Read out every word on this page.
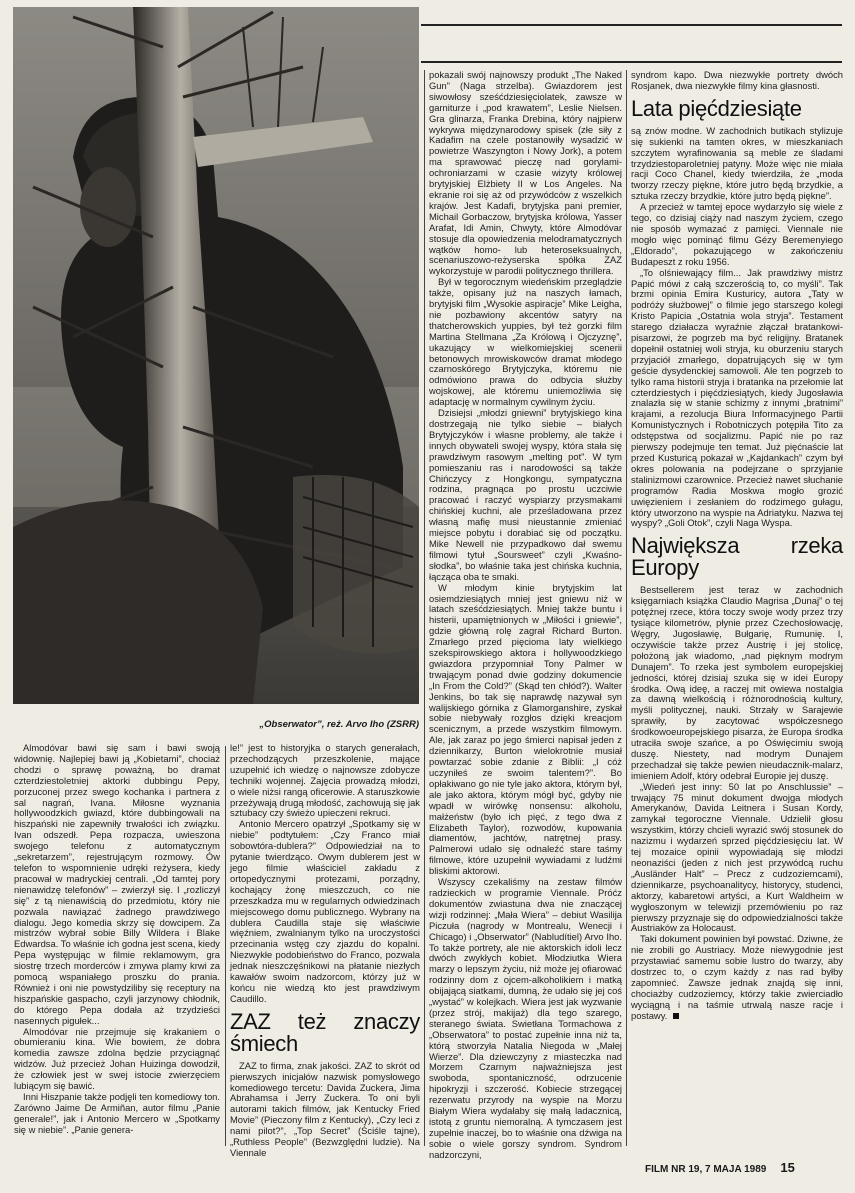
„Obserwator”, reż. Arvo Iho (ZSRR)

Almodóvar bawi się sam i bawi swoją widownię. Najlepiej bawi ją „Kobietami”, chociaż chodzi o sprawę poważną, bo dramat czterdziestoletniej aktorki dubbingu Pepy, porzuconej przez swego kochanka i partnera z sal nagrań, Ivana. Miłosne wyznania hollywoodzkich gwiazd, które dubbingowali na hiszpański nie zapewniły trwałości ich związku. Ivan odszedł. Pepa rozpacza, uwieszona swojego telefonu z automatycznym „sekretarzem”, rejestrującym rozmowy. Ów telefon to wspomnienie udręki reżysera, kiedy pracował w madryckiej centrali. „Od tamtej pory nienawidzę telefonów” – zwierzył się. I „rozliczył się” z tą nienawiścią do przedmiotu, który nie pozwala nawiązać żadnego prawdziwego dialogu. Jego komedia skrzy się dowcipem. Za mistrzów wybrał sobie Billy Wildera i Blake Edwardsa. To właśnie ich godna jest scena, kiedy Pepa występując w filmie reklamowym, gra siostrę trzech morderców i zmywa plamy krwi za pomocą wspaniałego proszku do prania. Również i oni nie powstydziliby się receptury na hiszpańskie gaspacho, czyli jarzynowy chłodnik, do którego Pepa dodała aż trzydzieści nasennych pigułek...

Almodóvar nie przejmuje się krakaniem o obumieraniu kina. Wie bowiem, że dobra komedia zawsze zdolna będzie przyciągnąć widzów. Już przecież Johan Huizinga dowodził, że człowiek jest w swej istocie zwierzęciem lubiącym się bawić.

Inni Hiszpanie także podjęli ten komediowy ton. Zarówno Jaime De Armiñan, autor filmu „Panie generale!”, jak i Antonio Mercero w „Spotkamy się w niebie”. „Panie genera-

le!” jest to historyjka o starych generałach, przechodzących przeszkolenie, mające uzupełnić ich wiedzę o najnowsze zdobycze techniki wojennej. Zajęcia prowadzą młodzi, o wiele niżsi rangą oficerowie. A staruszkowie przeżywają drugą młodość, zachowują się jak sztubacy czy świeżo upieczeni rekruci.

Antonio Mercero opatrzył „Spotkamy się w niebie” podtytułem: „Czy Franco miał sobowtóra-dublera?” Odpowiedział na to pytanie twierdząco. Owym dublerem jest w jego filmie właściciel zakładu z ortopedycznymi protezami, porządny, kochający żonę mieszczuch, co nie przeszkadza mu w regularnych odwiedzinach miejscowego domu publicznego. Wybrany na dublera Caudilla staje się właściwie więźniem, zwalnianym tylko na uroczystości przecinania wstęg czy zjazdu do kopalni. Niezwykłe podobieństwo do Franco, pozwala jednak nieszczęśnikowi na płatanie niezłych kawałów swoim nadzorcom, którzy już w końcu nie wiedzą kto jest prawdziwym Caudillo.

ZAZ też znaczy śmiech

ZAZ to firma, znak jakości. ZAZ to skrót od pierwszych inicjałów nazwisk pomysłowego komediowego tercetu: Davida Zuckera, Jima Abrahamsa i Jerry Zuckera. To oni byli autorami takich filmów, jak Kentucky Fried Movie” (Pieczony film z Kentucky), „Czy leci z nami pilot?”, „Top Secret” (Ściśle tajne), „Ruthless People” (Bezwzględni ludzie). Na Viennale

pokazali swój najnowszy produkt „The Naked Gun” (Naga strzelba). Gwiazdorem jest siwowłosy sześćdziesięciolatek, zawsze w garniturze i „pod krawatem”, Leslie Nielsen. Gra glinarza, Franka Drebina, który najpierw wykrywa międzynarodowy spisek (złe siły z Kadafim na czele postanowiły wysadzić w powietrze Waszyngton i Nowy Jork), a potem ma sprawować pieczę nad gorylami-ochroniarzami w czasie wizyty królowej brytyjskiej Elżbiety II w Los Angeles. Na ekranie roi się aż od przywódców z wszelkich krajów. Jest Kadafi, brytyjska pani premier, Michail Gorbaczow, brytyjska królowa, Yasser Arafat, Idi Amin, Chwyty, które Almodóvar stosuje dla opowiedzenia melodramatycznych wątków homo- lub heteroseksualnych, scenariuszowo-reżyserska spółka ZAZ wykorzystuje w parodii politycznego thrillera.

Był w tegorocznym wiedeńskim przeglądzie także, opisany już na naszych łamach, brytyjski film „Wysokie aspiracje” Mike Leigha, nie pozbawiony akcentów satyry na thatcherowskich yuppies, był też gorzki film Martina Stellmana „Za Królową i Ojczyznę”, ukazujący w wielkomiejskiej scenerii betonowych mrowiskowców dramat młodego czarnoskórego Brytyjczyka, któremu nie odmówiono prawa do odbycia służby wojskowej, ale któremu uniemożliwia się adaptację w normalnym cywilnym życiu.

Dzisiejsi „młodzi gniewni” brytyjskiego kina dostrzegają nie tylko siebie – białych Brytyjczyków i własne problemy, ale także i innych obywateli swojej wyspy, która stała się prawdziwym rasowym „melting pot”. W tym pomieszaniu ras i narodowości są także Chińczycy z Hongkongu, sympatyczna rodzina, pragnąca po prostu uczciwie pracować i raczyć wyspiarzy przysmakami chińskiej kuchni, ale prześladowana przez własną mafię musi nieustannie zmieniać miejsce pobytu i dorabiać się od początku. Mike Newell nie przypadkowo dał swemu filmowi tytuł „Soursweet” czyli „Kwaśno-słodka”, bo właśnie taka jest chińska kuchnia, łącząca oba te smaki.

W młodym kinie brytyjskim lat osiemdziesiątych mniej jest gniewu niż w latach sześćdziesiątych. Mniej także buntu i histerii, upamiętnionych w „Miłości i gniewie”, gdzie główną rolę zagrał Richard Burton. Zmarłego przed pięcioma laty wielkiego szekspirowskiego aktora i hollywoodzkiego gwiazdora przypomniał Tony Palmer w trwającym ponad dwie godziny dokumencie „In From the Cold?” (Skąd ten chłód?). Walter Jenkins, bo tak się naprawdę nazywał syn walijskiego górnika z Glamorganshire, zyskał sobie niebywały rozgłos dzięki kreacjom scenicznym, a przede wszystkim filmowym. Ale, jak zaraz po jego śmierci napisał jeden z dziennikarzy, Burton wielokrotnie musiał powtarzać sobie zdanie z Biblii: „I cóż uczyniłeś ze swoim talentem?”. Bo opłakiwano go nie tyle jako aktora, którym był, ale jako aktora, którym mógł być, gdyby nie wpadł w wirówkę nonsensu: alkoholu, małżeństw (było ich pięć, z tego dwa z Elizabeth Taylor), rozwodów, kupowania diamentów, jachtów, natrętnej prasy. Palmerowi udało się odnaleźć stare taśmy filmowe, które uzupełnił wywiadami z ludźmi bliskimi aktorowi.

Wszyscy czekaliśmy na zestaw filmów radzieckich w programie Viennale. Próćz dokumentów zwiastuna dwa nie znaczącej wizji rodzinnej: „Mała Wiera” – debiut Wasilija Piczuła (nagrody w Montrealu, Wenecji i Chicago) i „Obserwator” (Nabludítiel) Arvo Iho. To także portrety, ale nie aktorskich idoli lecz dwóch zwykłych kobiet. Młodziutka Wiera marzy o lepszym życiu, niż może jej ofiarować rodzinny dom z ojcem-alkoholikiem i matką obijającą siatkami, dumną, że udało się jej coś „wystać” w kolejkach. Wiera jest jak wyzwanie (przez strój, makijaż) dla tego szarego, steranego świata. Swietłana Tormachowa z „Obserwatora” to postać zupełnie inna niż ta, którą stworzyła Natalia Niegoda w „Małej Wierze”. Dla dziewczyny z miasteczka nad Morzem Czarnym najważniejsza jest swoboda, spontaniczność, odrzucenie hipokryzji i szczerość. Kobiecie strzegącej rezerwatu przyrody na wyspie na Morzu Białym Wiera wydałaby się małą ladacznicą, istotą z gruntu niemoralną. A tymczasem jest zupełnie inaczej, bo to właśnie ona dźwiga na sobie o wiele gorszy syndrom. Syndrom nadzorczyni,

syndrom kapo. Dwa niezwykłe portrety dwóch Rosjanek, dwa niezwykłe filmy kina głasnosti.

Lata pięćdziesiąte

są znów modne. W zachodnich butikach stylizuje się sukienki na tamten okres, w mieszkaniach szczytem wyrafinowania są meble ze śladami trzydziestoparoletniej patyny. Może więc nie miała racji Coco Chanel, kiedy twierdziła, że „moda tworzy rzeczy piękne, które jutro będą brzydkie, a sztuka rzeczy brzydkie, które jutro będą piękne”.

A przecież w tamtej epoce wydarzyło się wiele z tego, co dzisiaj ciąży nad naszym życiem, czego nie sposób wymazać z pamięci. Viennale nie mogło więc pominąć filmu Gézy Beremenyiego „Eldorado”, pokazującego w zakończeniu Budapeszt z roku 1956.

„To olśniewający film... Jak prawdziwy mistrz Papić mówi z całą szczerością to, co myśli”. Tak brzmi opinia Emira Kusturicy, autora „Taty w podróży służbowej” o filmie jego starszego kolegi Kristo Papicia „Ostatnia wola stryja”. Testament starego działacza wyraźnie złączał bratankowi-pisarzowi, że pogrzeb ma być religijny. Bratanek dopełnił ostatniej woli stryja, ku oburzeniu starych przyjaciół zmarłego, dopatrujących się w tym geście dysydenckiej samowoli. Ale ten pogrzeb to tylko rama historii stryja i bratanka na przełomie lat czterdziestych i pięćdziesiątych, kiedy Jugosławia znalazła się w stanie schizmy z innymi „bratnimi” krajami, a rezolucja Biura Informacyjnego Partii Komunistycznych i Robotniczych potępiła Tito za odstępstwa od socjalizmu. Papić nie po raz pierwszy podejmuje ten temat. Już pięćnaście lat przed Kusturicą pokazał w „Kajdankach” czym był okres polowania na podejrzane o sprzyjanie stalinizmowi czarownice. Przecież nawet słuchanie programów Radia Moskwa mogło grozić uwięzieniem i zesłaniem do rodzimego gułagu, który utworzono na wyspie na Adriatyku. Nazwa tej wyspy? „Goli Otok”, czyli Naga Wyspa.

Największa rzeka Europy

Bestsellerem jest teraz w zachodnich księgarniach książka Claudio Magrisa „Dunaj” o tej potężnej rzece, która toczy swoje wody przez trzy tysiące kilometrów, płynie przez Czechosłowację, Węgry, Jugosławię, Bułgarię, Rumunię. I, oczywiście także przez Austrię i jej stolicę, położoną jak wiadomo, „nad pięknym modrym Dunajem”. To rzeka jest symbolem europejskiej jedności, której dzisiaj szuka się w idei Europy środka. Ową ideę, a raczej mit owiewa nostalgia za dawną wielkością i różnorodnością kultury, myśli politycznej, nauki. Strzały w Sarajewie sprawiły, by zacytować współczesnego środkowoeuropejskiego pisarza, że Europa środka utraciła swoje szańce, a po Oświęcimiu swoją duszę. Niestety, nad modrym Dunajem przechadzał się także pewien nieudacznik-malarz, imieniem Adolf, który odebrał Europie jej duszę.

„Wiedeń jest inny: 50 lat po Anschlussie” – trwający 75 minut dokument dwojga młodych Amerykanów, Davida Leitnera i Susan Kordy, zamykał tegoroczne Viennale. Udzielił głosu wszystkim, którzy chcieli wyrazić swój stosunek do nazizmu i wydarzeń sprzed pięćdziesięciu lat. W tej mozaice opinii wypowiadają się młodzi neonaziści (jeden z nich jest przywódcą ruchu „Ausländer Halt” – Precz z cudzoziemcami), dziennikarze, psychoanalitycy, historycy, studenci, aktorzy, kabaretowi artyści, a Kurt Waldheim w wygłoszonym w telewizji przemówieniu po raz pierwszy przyznaje się do odpowiedzialności także Austriaków za Holocaust.

Taki dokument powinien był powstać. Dziwne, że nie zrobili go Austriacy. Może niewygodnie jest przystawiać samemu sobie lustro do twarzy, aby dostrzec to, o czym każdy z nas rad byłby zapomnieć. Zawsze jednak znajdą się inni, chociażby cudzoziemcy, którzy takie zwierciadło wyciągną i na taśmie utrwalą nasze racje i postawy.

FILM NR 19, 7 MAJA 1989 15
